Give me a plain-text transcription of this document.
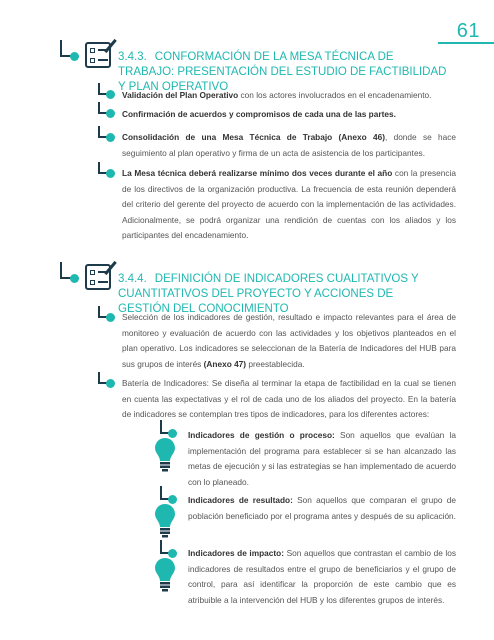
61
3.4.3. CONFORMACIÓN DE LA MESA TÉCNICA DE TRABAJO: PRESENTACIÓN DEL ESTUDIO DE FACTIBILIDAD Y PLAN OPERATIVO
Validación del Plan Operativo con los actores involucrados en el encadenamiento.
Confirmación de acuerdos y compromisos de cada una de las partes.
Consolidación de una Mesa Técnica de Trabajo (Anexo 46), donde se hace seguimiento al plan operativo y firma de un acta de asistencia de los participantes.
La Mesa técnica deberá realizarse mínimo dos veces durante el año con la presencia de los directivos de la organización productiva. La frecuencia de esta reunión dependerá del criterio del gerente del proyecto de acuerdo con la implementación de las actividades. Adicionalmente, se podrá organizar una rendición de cuentas con los aliados y los participantes del encadenamiento.
3.4.4. DEFINICIÓN DE INDICADORES CUALITATIVOS Y CUANTITATIVOS DEL PROYECTO Y ACCIONES DE GESTIÓN DEL CONOCIMIENTO
Selección de los indicadores de gestión, resultado e impacto relevantes para el área de monitoreo y evaluación de acuerdo con las actividades y los objetivos planteados en el plan operativo. Los indicadores se seleccionan de la Batería de Indicadores del HUB para sus grupos de interés (Anexo 47) preestablecida.
Batería de Indicadores: Se diseña al terminar la etapa de factibilidad en la cual se tienen en cuenta las expectativas y el rol de cada uno de los aliados del proyecto. En la batería de indicadores se contemplan tres tipos de indicadores, para los diferentes actores:
Indicadores de gestión o proceso: Son aquellos que evalúan la implementación del programa para establecer si se han alcanzado las metas de ejecución y si las estrategias se han implementado de acuerdo con lo planeado.
Indicadores de resultado: Son aquellos que comparan el grupo de población beneficiado por el programa antes y después de su aplicación.
Indicadores de impacto: Son aquellos que contrastan el cambio de los indicadores de resultados entre el grupo de beneficiarios y el grupo de control, para así identificar la proporción de este cambio que es atribuible a la intervención del HUB y los diferentes grupos de interés.
